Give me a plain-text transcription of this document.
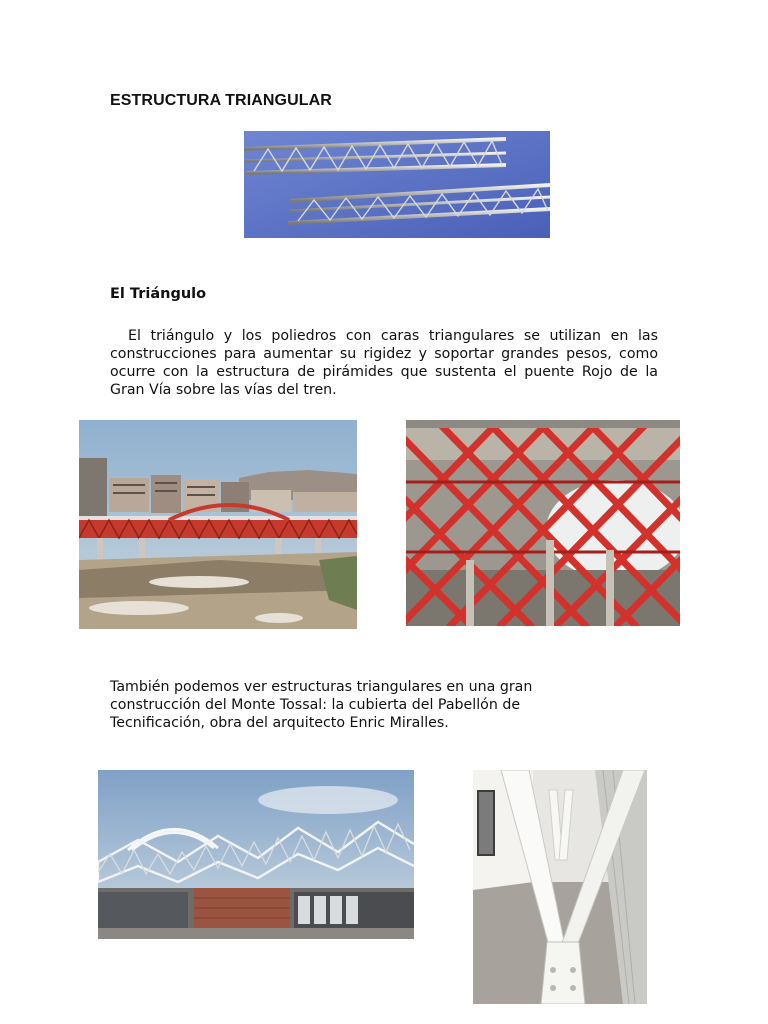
ESTRUCTURA TRIANGULAR
El Triángulo
El triángulo y los poliedros con caras triangulares se utilizan en las construcciones para aumentar su rigidez y soportar grandes pesos, como ocurre con la estructura de pirámides que sustenta el puente Rojo de la Gran Vía sobre las vías del tren.
También podemos ver estructuras triangulares en una gran construcción del Monte Tossal: la cubierta del Pabellón de Tecnificación, obra del arquitecto Enric Miralles.
